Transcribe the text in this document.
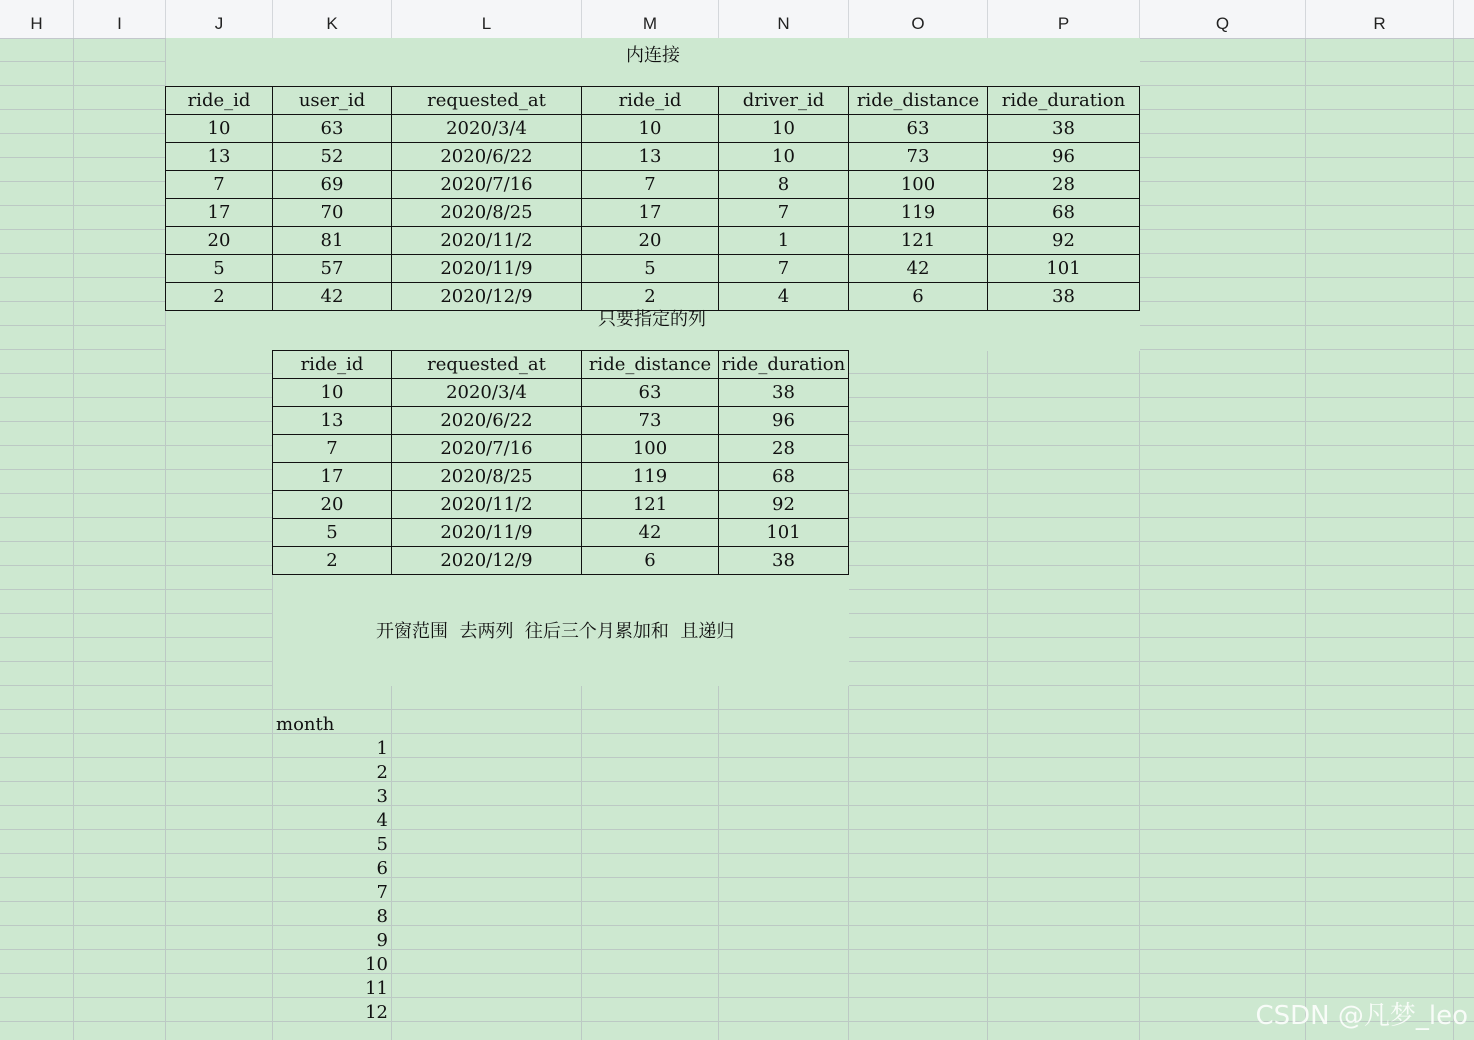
H	I	J	K	L	M	N	O	P	Q	R
内连接
ride_id	user_id	requested_at	ride_id	driver_id	ride_distance	ride_duration
10	63	2020/3/4	10	10	63	38
13	52	2020/6/22	13	10	73	96
7	69	2020/7/16	7	8	100	28
17	70	2020/8/25	17	7	119	68
20	81	2020/11/2	20	1	121	92
5	57	2020/11/9	5	7	42	101
2	42	2020/12/9	2	4	6	38
只要指定的列
ride_id	requested_at	ride_distance	ride_duration
10	2020/3/4	63	38
13	2020/6/22	73	96
7	2020/7/16	100	28
17	2020/8/25	119	68
20	2020/11/2	121	92
5	2020/11/9	42	101
2	2020/12/9	6	38
开窗范围  去两列  往后三个月累加和  且递归
month
1
2
3
4
5
6
7
8
9
10
11
12	CSDN @凡梦_leo
